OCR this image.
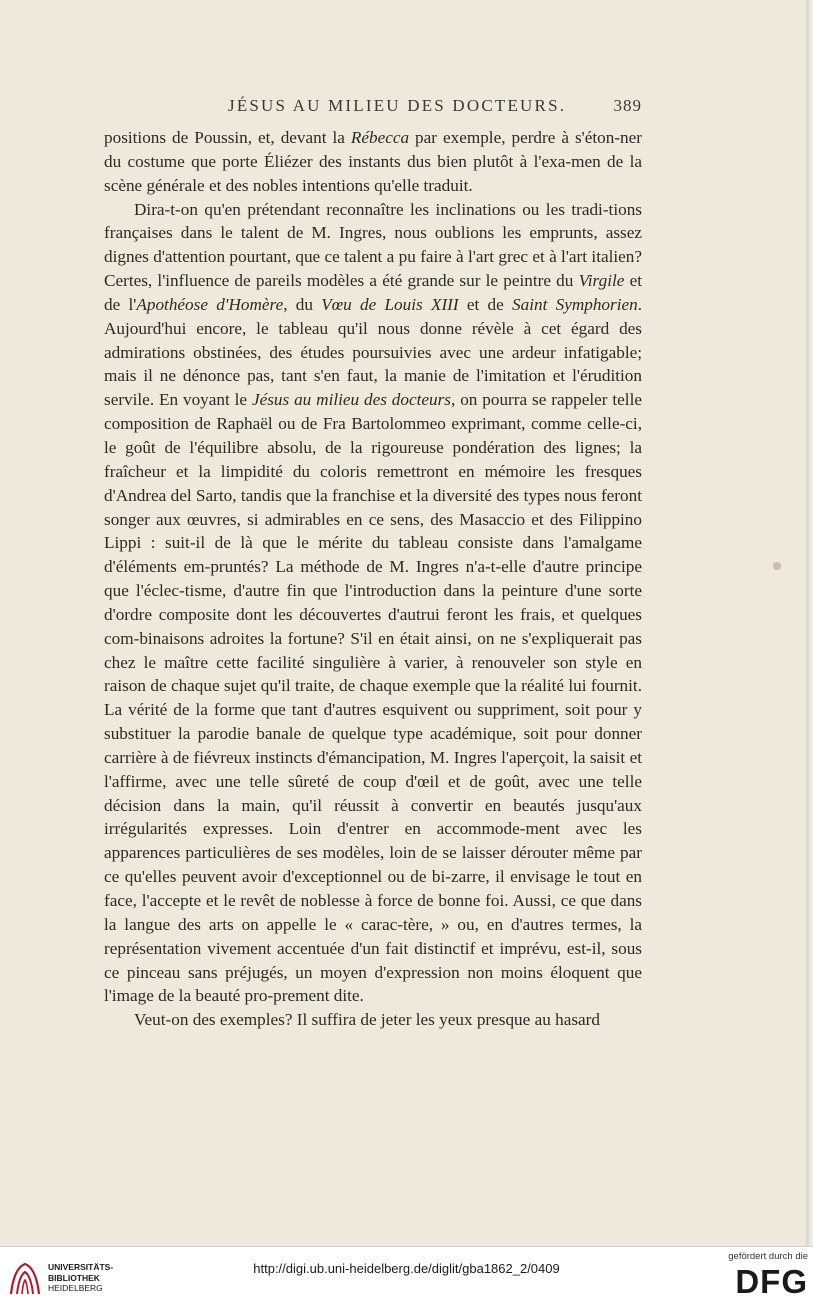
JÉSUS AU MILIEU DES DOCTEURS.	389

positions de Poussin, et, devant la Rébecca par exemple, perdre à s'éton-ner du costume que porte Éliézer des instants dus bien plutôt à l'exa-men de la scène générale et des nobles intentions qu'elle traduit.

Dira-t-on qu'en prétendant reconnaître les inclinations ou les tradi-tions françaises dans le talent de M. Ingres, nous oublions les emprunts, assez dignes d'attention pourtant, que ce talent a pu faire à l'art grec et à l'art italien? Certes, l'influence de pareils modèles a été grande sur le peintre du Virgile et de l'Apothéose d'Homère, du Vœu de Louis XIII et de Saint Symphorien. Aujourd'hui encore, le tableau qu'il nous donne révèle à cet égard des admirations obstinées, des études poursuivies avec une ardeur infatigable; mais il ne dénonce pas, tant s'en faut, la manie de l'imitation et l'érudition servile. En voyant le Jésus au milieu des docteurs, on pourra se rappeler telle composition de Raphaël ou de Fra Bartolommeo exprimant, comme celle-ci, le goût de l'équilibre absolu, de la rigoureuse pondération des lignes; la fraîcheur et la limpidité du coloris remettront en mémoire les fresques d'Andrea del Sarto, tandis que la franchise et la diversité des types nous feront songer aux œuvres, si admirables en ce sens, des Masaccio et des Filippino Lippi : suit-il de là que le mérite du tableau consiste dans l'amalgame d'éléments em-pruntés? La méthode de M. Ingres n'a-t-elle d'autre principe que l'éclec-tisme, d'autre fin que l'introduction dans la peinture d'une sorte d'ordre composite dont les découvertes d'autrui feront les frais, et quelques com-binaisons adroites la fortune? S'il en était ainsi, on ne s'expliquerait pas chez le maître cette facilité singulière à varier, à renouveler son style en raison de chaque sujet qu'il traite, de chaque exemple que la réalité lui fournit. La vérité de la forme que tant d'autres esquivent ou suppriment, soit pour y substituer la parodie banale de quelque type académique, soit pour donner carrière à de fiévreux instincts d'émancipation, M. Ingres l'aperçoit, la saisit et l'affirme, avec une telle sûreté de coup d'œil et de goût, avec une telle décision dans la main, qu'il réussit à convertir en beautés jusqu'aux irrégularités expresses. Loin d'entrer en accommode-ment avec les apparences particulières de ses modèles, loin de se laisser dérouter même par ce qu'elles peuvent avoir d'exceptionnel ou de bi-zarre, il envisage le tout en face, l'accepte et le revêt de noblesse à force de bonne foi. Aussi, ce que dans la langue des arts on appelle le « carac-tère, » ou, en d'autres termes, la représentation vivement accentuée d'un fait distinctif et imprévu, est-il, sous ce pinceau sans préjugés, un moyen d'expression non moins éloquent que l'image de la beauté pro-prement dite.

Veut-on des exemples? Il suffira de jeter les yeux presque au hasard

UNIVERSITÄTS-
BIBLIOTHEK
HEIDELBERG
http://digi.ub.uni-heidelberg.de/diglit/gba1862_2/0409
gefördert durch die
DFG
